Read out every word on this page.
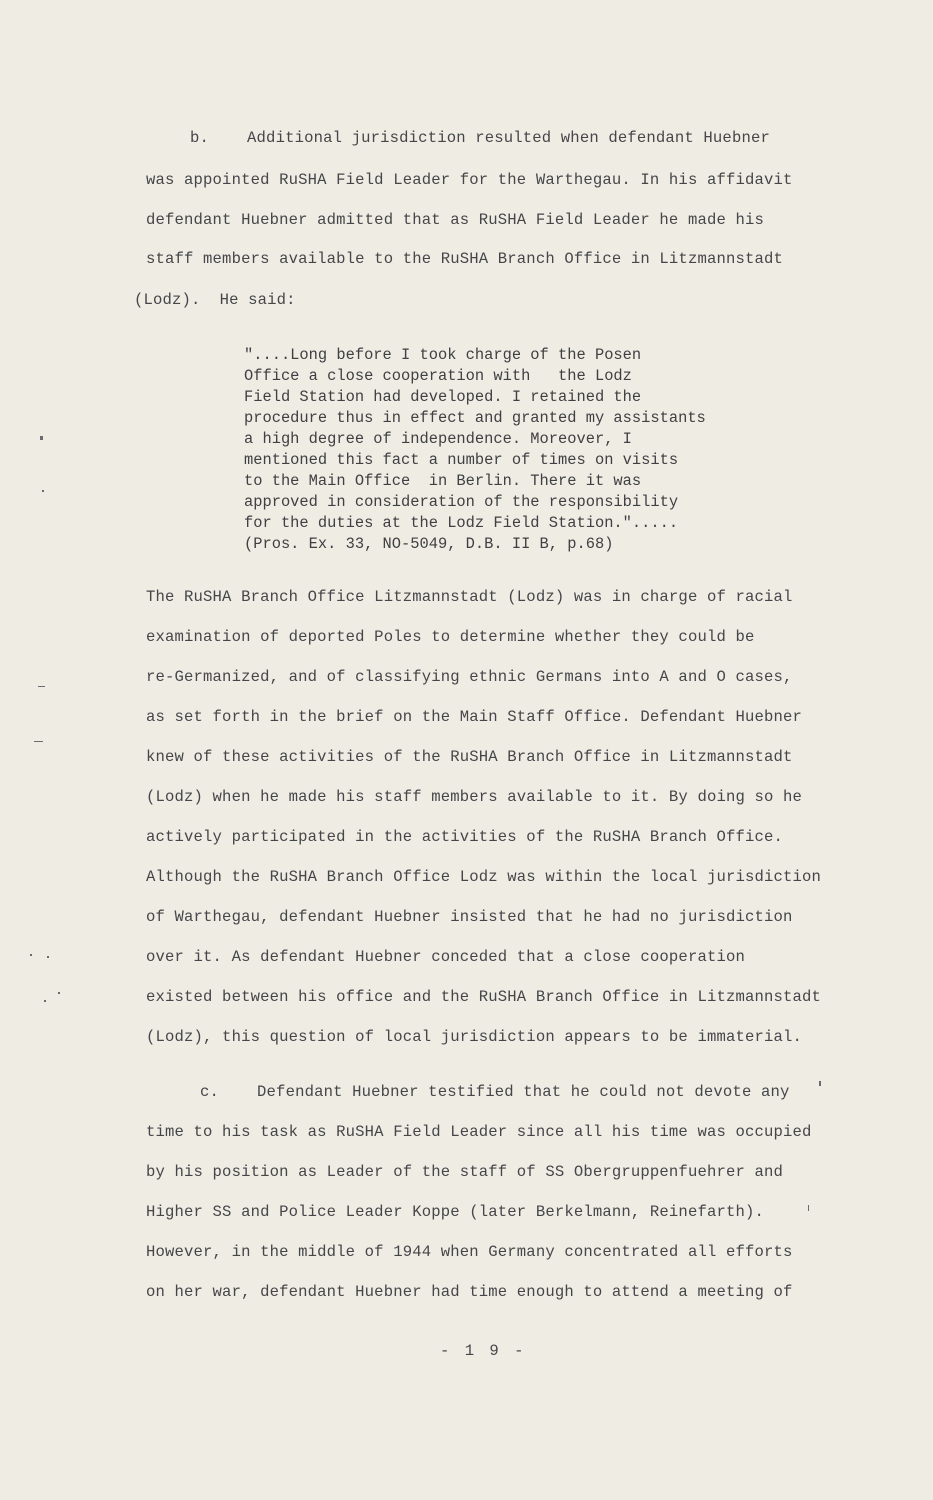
b.    Additional jurisdiction resulted when defendant Huebner
was appointed RuSHA Field Leader for the Warthegau. In his affidavit
defendant Huebner admitted that as RuSHA Field Leader he made his
staff members available to the RuSHA Branch Office in Litzmannstadt
(Lodz).  He said:
"....Long before I took charge of the Posen
Office a close cooperation with   the Lodz
Field Station had developed. I retained the
procedure thus in effect and granted my assistants
a high degree of independence. Moreover, I
mentioned this fact a number of times on visits
to the Main Office  in Berlin. There it was
approved in consideration of the responsibility
for the duties at the Lodz Field Station.".....
(Pros. Ex. 33, NO-5049, D.B. II B, p.68)
The RuSHA Branch Office Litzmannstadt (Lodz) was in charge of racial
examination of deported Poles to determine whether they could be
re-Germanized, and of classifying ethnic Germans into A and O cases,
as set forth in the brief on the Main Staff Office. Defendant Huebner
knew of these activities of the RuSHA Branch Office in Litzmannstadt
(Lodz) when he made his staff members available to it. By doing so he
actively participated in the activities of the RuSHA Branch Office.
Although the RuSHA Branch Office Lodz was within the local jurisdiction
of Warthegau, defendant Huebner insisted that he had no jurisdiction
over it. As defendant Huebner conceded that a close cooperation
existed between his office and the RuSHA Branch Office in Litzmannstadt
(Lodz), this question of local jurisdiction appears to be immaterial.
c.    Defendant Huebner testified that he could not devote any
time to his task as RuSHA Field Leader since all his time was occupied
by his position as Leader of the staff of SS Obergruppenfuehrer and
Higher SS and Police Leader Koppe (later Berkelmann, Reinefarth).
However, in the middle of 1944 when Germany concentrated all efforts
on her war, defendant Huebner had time enough to attend a meeting of
- 1 9 -
